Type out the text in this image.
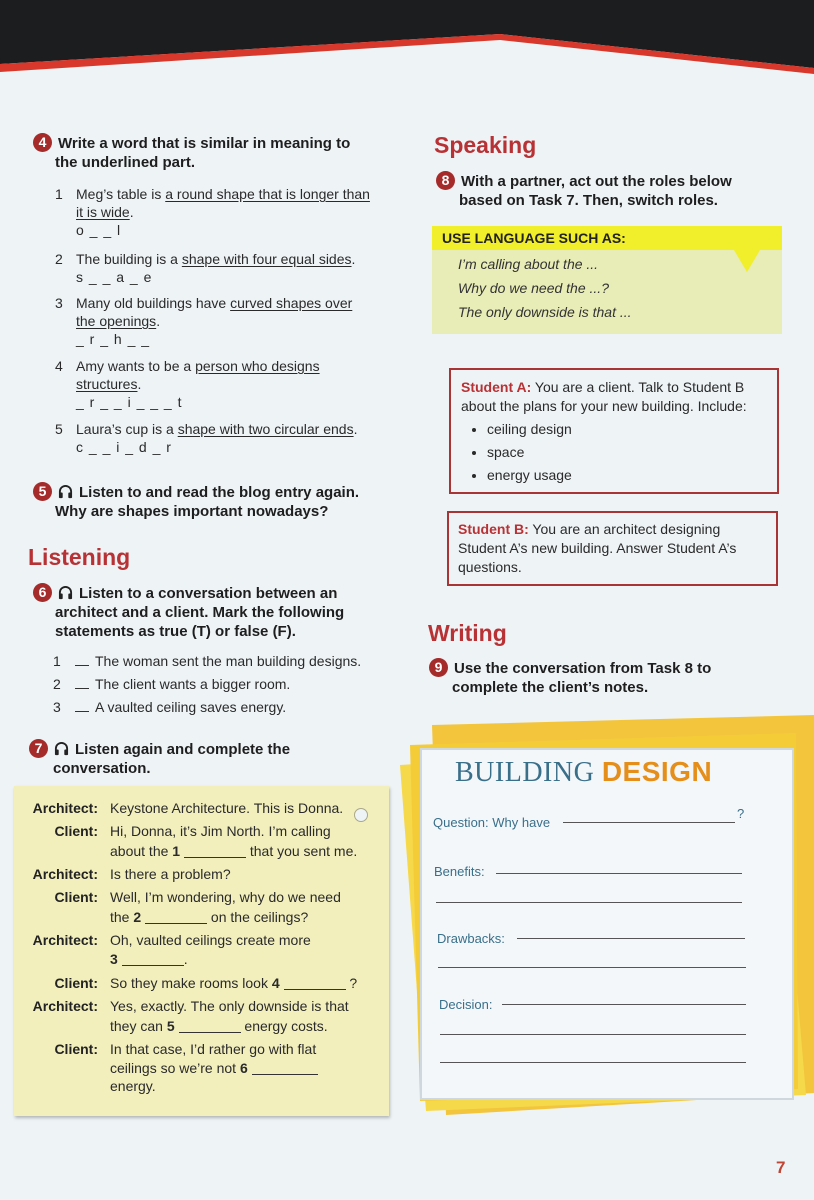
4 Write a word that is similar in meaning to
the underlined part.
1 Meg’s table is a round shape that is longer than
it is wide.
o _ _ l
2 The building is a shape with four equal sides.
s _ _ a _ e
3 Many old buildings have curved shapes over
the openings.
_ r _ h _ _
4 Amy wants to be a person who designs
structures.
_ r _ _ i _ _ _ t
5 Laura’s cup is a shape with two circular ends.
c _ _ i _ d _ r
5 Listen to and read the blog entry again.
Why are shapes important nowadays?
Listening
6 Listen to a conversation between an
architect and a client. Mark the following
statements as true (T) or false (F).
1 The woman sent the man building designs.
2 The client wants a bigger room.
3 A vaulted ceiling saves energy.
7 Listen again and complete the
conversation.
Architect: Keystone Architecture. This is Donna.
Client: Hi, Donna, it’s Jim North. I’m calling
about the 1	that you sent me.
Architect: Is there a problem?
Client: Well, I’m wondering, why do we need
the 2	on the ceilings?
Architect: Oh, vaulted ceilings create more
3	.
Client: So they make rooms look 4	?
Architect: Yes, exactly. The only downside is that
they can 5	energy costs.
Client: In that case, I’d rather go with flat
ceilings so we’re not 6
energy.
Speaking
8 With a partner, act out the roles below
based on Task 7. Then, switch roles.
USE LANGUAGE SUCH AS:
I’m calling about the ...
Why do we need the ...?
The only downside is that ...
Student A: You are a client. Talk to Student B
about the plans for your new building. Include:
• ceiling design
• space
• energy usage
Student B: You are an architect designing
Student A’s new building. Answer Student A’s
questions.
Writing
9 Use the conversation from Task 8 to
complete the client’s notes.
BUILDING DESIGN
Question: Why have
?
Benefits:
Drawbacks:
Decision:
7
